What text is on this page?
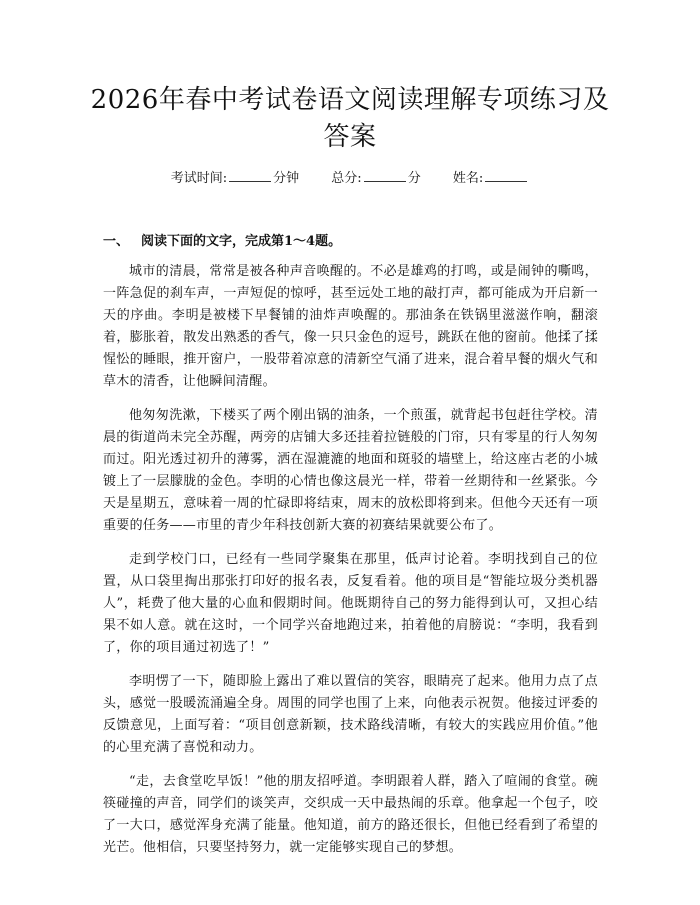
2026年春中考试卷语文阅读理解专项练习及
答案
考试时间:	分钟 总分:	分 姓名:
一、 阅读下面的文字，完成第1～4题。

城市的清晨，常常是被各种声音唤醒的。不必是雄鸡的打鸣，或是闹钟的嘶鸣，一阵急促的刹车声，一声短促的惊呼，甚至远处工地的敲打声，都可能成为开启新一天的序曲。李明是被楼下早餐铺的油炸声唤醒的。那油条在铁锅里滋滋作响，翻滚着，膨胀着，散发出熟悉的香气，像一只只金色的逗号，跳跃在他的窗前。他揉了揉惺忪的睡眼，推开窗户，一股带着凉意的清新空气涌了进来，混合着早餐的烟火气和草木的清香，让他瞬间清醒。

他匆匆洗漱，下楼买了两个刚出锅的油条，一个煎蛋，就背起书包赶往学校。清晨的街道尚未完全苏醒，两旁的店铺大多还挂着拉链般的门帘，只有零星的行人匆匆而过。阳光透过初升的薄雾，洒在湿漉漉的地面和斑驳的墙壁上，给这座古老的小城镀上了一层朦胧的金色。李明的心情也像这晨光一样，带着一丝期待和一丝紧张。今天是星期五，意味着一周的忙碌即将结束，周末的放松即将到来。但他今天还有一项重要的任务——市里的青少年科技创新大赛的初赛结果就要公布了。

走到学校门口，已经有一些同学聚集在那里，低声讨论着。李明找到自己的位置，从口袋里掏出那张打印好的报名表，反复看着。他的项目是“智能垃圾分类机器人”，耗费了他大量的心血和假期时间。他既期待自己的努力能得到认可，又担心结果不如人意。就在这时，一个同学兴奋地跑过来，拍着他的肩膀说：“李明，我看到了，你的项目通过初选了！”

李明愣了一下，随即脸上露出了难以置信的笑容，眼睛亮了起来。他用力点了点头，感觉一股暖流涌遍全身。周围的同学也围了上来，向他表示祝贺。他接过评委的反馈意见，上面写着：“项目创意新颖，技术路线清晰，有较大的实践应用价值。”他的心里充满了喜悦和动力。

“走，去食堂吃早饭！”他的朋友招呼道。李明跟着人群，踏入了喧闹的食堂。碗筷碰撞的声音，同学们的谈笑声，交织成一天中最热闹的乐章。他拿起一个包子，咬了一大口，感觉浑身充满了能量。他知道，前方的路还很长，但他已经看到了希望的光芒。他相信，只要坚持努力，就一定能够实现自己的梦想。
